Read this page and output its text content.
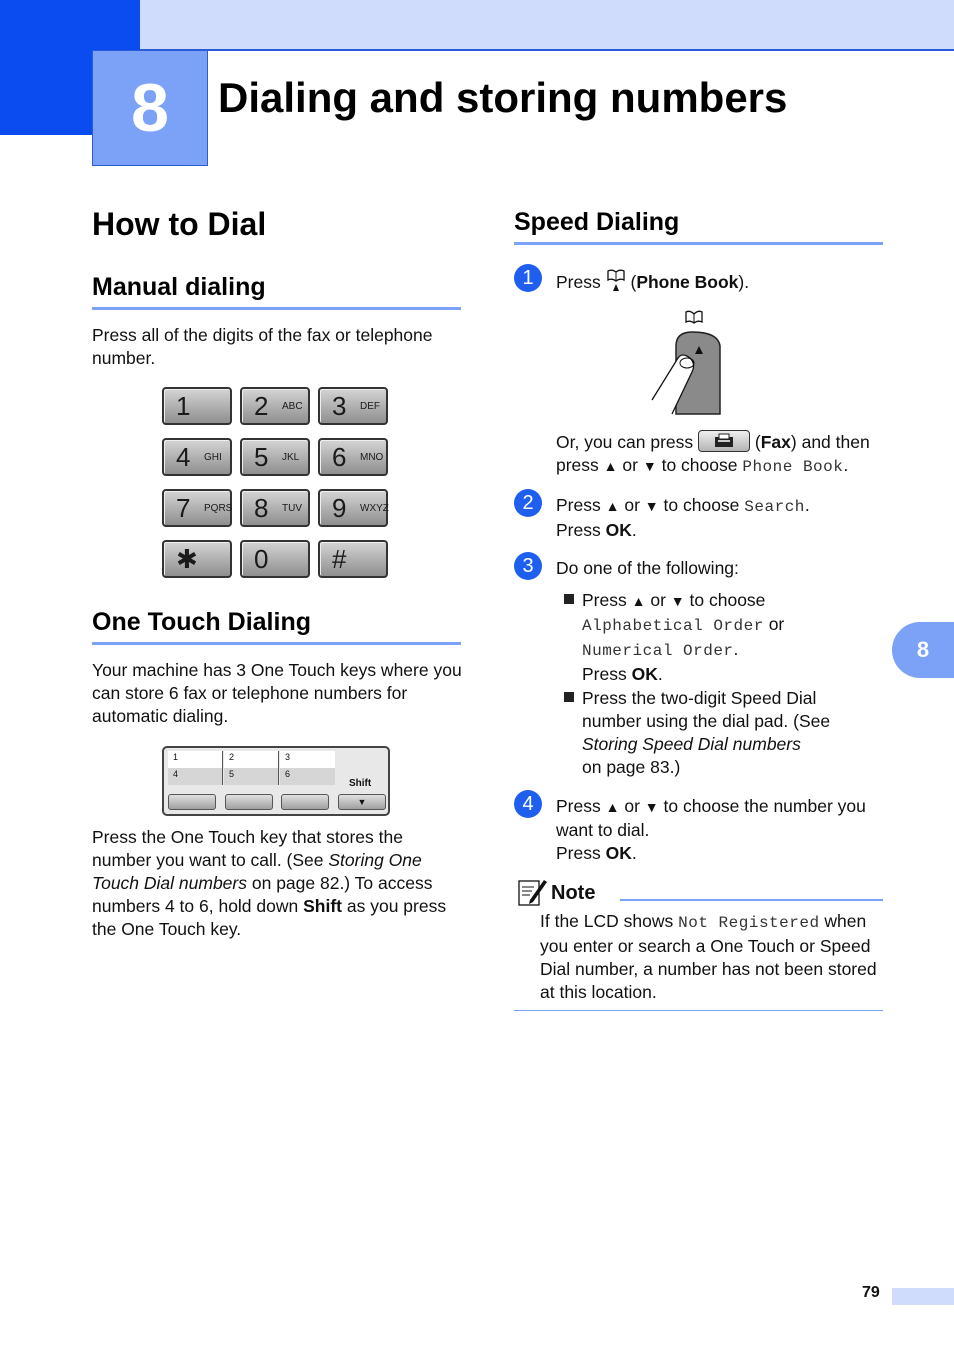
8	Dialing and storing numbers
8
How to Dial
Manual dialing
Press all of the digits of the fax or telephone number.
1 2 ABC 3 DEF
4 GHI 5 JKL 6 MNO
7 PQRS 8 TUV 9 WXYZ
✱ 0 #
One Touch Dialing
Your machine has 3 One Touch keys where you can store 6 fax or telephone numbers for automatic dialing.
1	2	3
4	5	6
Shift
▼
Press the One Touch key that stores the number you want to call. (See Storing One Touch Dial numbers on page 82.) To access numbers 4 to 6, hold down Shift as you press the One Touch key.
Speed Dialing
1	Press  (Phone Book).
Or, you can press	(Fax) and then
press ▲ or ▼ to choose Phone Book.
2	Press ▲ or ▼ to choose Search.
Press OK.
3	Do one of the following:
Press ▲ or ▼ to choose
Alphabetical Order or
Numerical Order.
Press OK.
Press the two-digit Speed Dial number using the dial pad. (See
Storing Speed Dial numbers
on page 83.)
4	Press ▲ or ▼ to choose the number you want to dial.
Press OK.
Note
If the LCD shows Not Registered when you enter or search a One Touch or Speed Dial number, a number has not been stored at this location.
79
